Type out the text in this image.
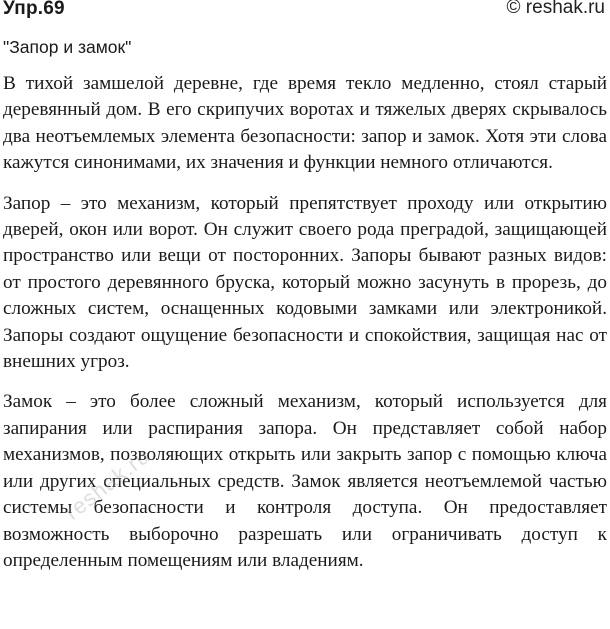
Упр.69	© reshak.ru
"Запор и замок"

В тихой замшелой деревне, где время текло медленно, стоял старый деревянный дом. В его скрипучих воротах и тяжелых дверях скрывалось два неотъемлемых элемента безопасности: запор и замок. Хотя эти слова кажутся синонимами, их значения и функции немного отличаются.

Запор – это механизм, который препятствует проходу или открытию дверей, окон или ворот. Он служит своего рода преградой, защищающей пространство или вещи от посторонних. Запоры бывают разных видов: от простого деревянного бруска, который можно засунуть в прорезь, до сложных систем, оснащенных кодовыми замками или электроникой. Запоры создают ощущение безопасности и спокойствия, защищая нас от внешних угроз.

Замок – это более сложный механизм, который используется для запирания или распирания запора. Он представляет собой набор механизмов, позволяющих открыть или закрыть запор с помощью ключа или других специальных средств. Замок является неотъемлемой частью системы безопасности и контроля доступа. Он предоставляет возможность выборочно разрешать или ограничивать доступ к определенным помещениям или владениям.

reshak.ru
